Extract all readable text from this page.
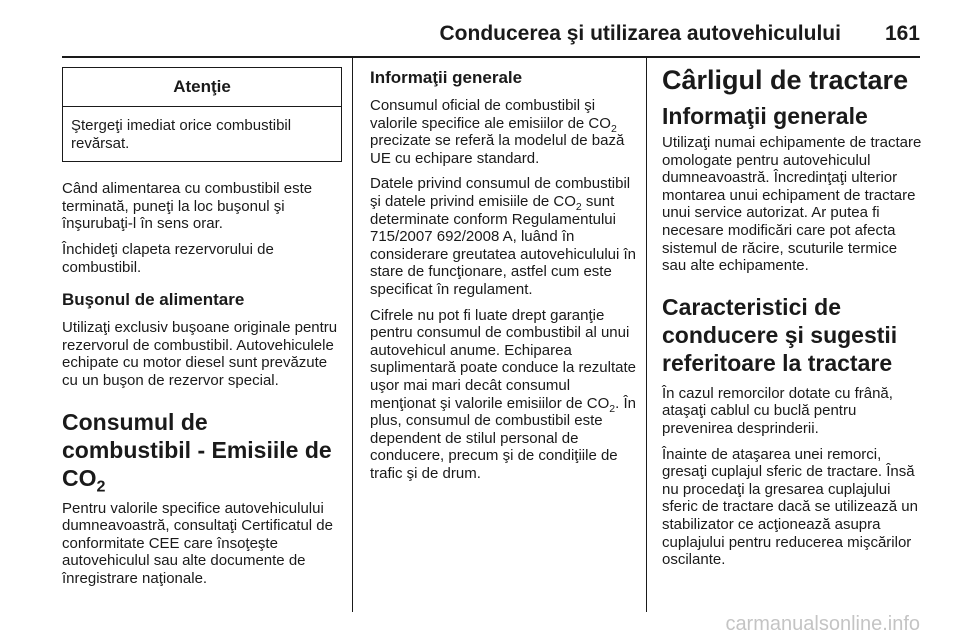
Conducerea şi utilizarea autovehiculului 161
Atenţie
Ştergeţi imediat orice combustibil revărsat.

Când alimentarea cu combustibil este terminată, puneţi la loc buşonul şi înşurubaţi-l în sens orar.

Închideţi clapeta rezervorului de combustibil.

Buşonul de alimentare

Utilizaţi exclusiv buşoane originale pentru rezervorul de combustibil. Autovehiculele echipate cu motor diesel sunt prevăzute cu un buşon de rezervor special.

Consumul de combustibil - Emisiile de $CO_2$

Pentru valorile specifice autovehiculului dumneavoastră, consultaţi Certificatul de conformitate CEE care însoţeşte autovehiculul sau alte documente de înregistrare naţionale.

Informaţii generale

Consumul oficial de combustibil şi valorile specifice ale emisiilor de $CO_2$ precizate se referă la modelul de bază UE cu echipare standard.

Datele privind consumul de combustibil şi datele privind emisiile de $CO_2$ sunt determinate conform Regulamentului 715/2007 692/2008 A, luând în considerare greutatea autovehiculului în stare de funcţionare, astfel cum este specificat în regulament.

Cifrele nu pot fi luate drept garanţie pentru consumul de combustibil al unui autovehicul anume. Echiparea suplimentară poate conduce la rezultate uşor mai mari decât consumul menţionat şi valorile emisiilor de $CO_2$. În plus, consumul de combustibil este dependent de stilul personal de conducere, precum şi de condiţiile de trafic şi de drum.

Cârligul de tractare
Informaţii generale

Utilizaţi numai echipamente de tractare omologate pentru autovehiculul dumneavoastră. Încredinţaţi ulterior montarea unui echipament de tractare unui service autorizat. Ar putea fi necesare modificări care pot afecta sistemul de răcire, scuturile termice sau alte echipamente.

Caracteristici de conducere şi sugestii referitoare la tractare

În cazul remorcilor dotate cu frână, ataşaţi cablul cu buclă pentru prevenirea desprinderii.

Înainte de ataşarea unei remorci, gresaţi cuplajul sferic de tractare. Însă nu procedaţi la gresarea cuplajului sferic de tractare dacă se utilizează un stabilizator ce acţionează asupra cuplajului pentru reducerea mişcărilor oscilante.

carmanualsonline.info
